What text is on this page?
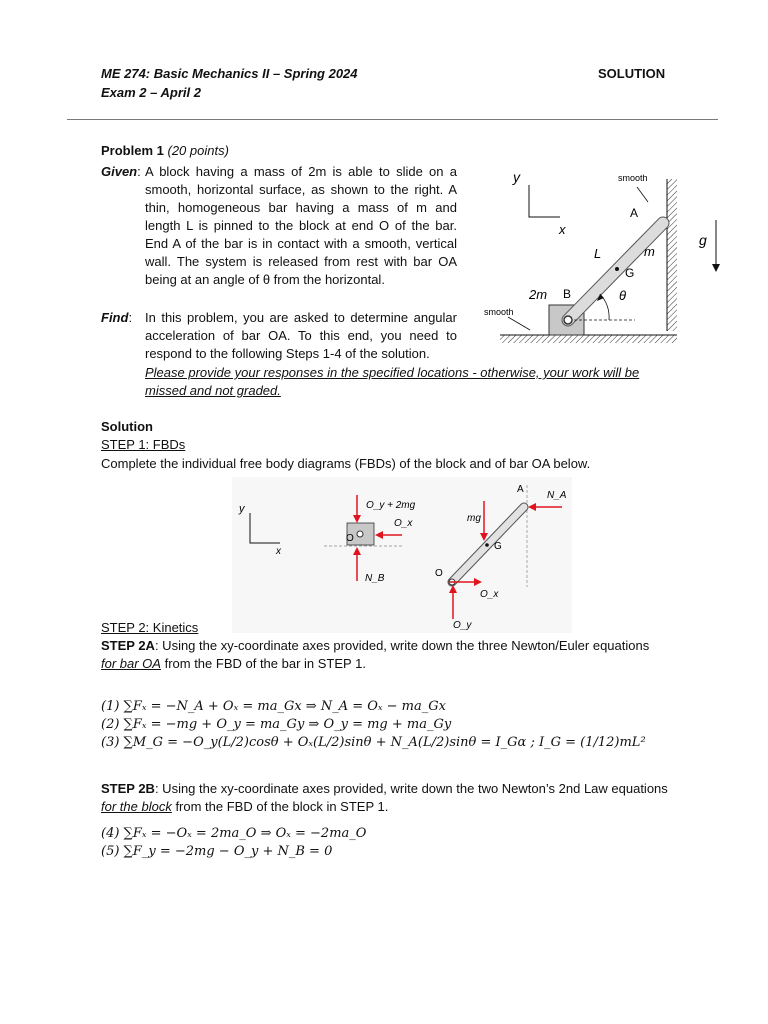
ME 274: Basic Mechanics II – Spring 2024
Exam 2 – April 2
SOLUTION
Problem 1 (20 points)
Given: A block having a mass of 2m is able to slide on a smooth, horizontal surface, as shown to the right. A thin, homogeneous bar having a mass of m and length L is pinned to the block at end O of the bar. End A of the bar is in contact with a smooth, vertical wall. The system is released from rest with bar OA being at an angle of θ from the horizontal.
Find: In this problem, you are asked to determine angular acceleration of bar OA. To this end, you need to respond to the following Steps 1-4 of the solution.
Please provide your responses in the specified locations - otherwise, your work will be missed and not graded.
y
x
smooth
smooth
A
L	m
G
2m B	θ
g
Solution
STEP 1: FBDs
Complete the individual free body diagrams (FBDs) of the block and of bar OA below.
y
x
O
O_y + 2mg
O_x
N_B
A
N_A
mg
G
O
O_x
O_y
STEP 2: Kinetics
STEP 2A: Using the xy-coordinate axes provided, write down the three Newton/Euler equations
for bar OA from the FBD of the bar in STEP 1.
(1) ∑Fₓ = −N_A + Oₓ = ma_Gx ⇒ N_A = Oₓ − ma_Gx
(2) ∑Fₓ = −mg + O_y = ma_Gy ⇒ O_y = mg + ma_Gy
(3) ∑M_G = −O_y(L/2)cosθ + Oₓ(L/2)sinθ + N_A(L/2)sinθ = I_Gα ; I_G = (1/12)mL²
STEP 2B: Using the xy-coordinate axes provided, write down the two Newton’s 2nd Law equations
for the block from the FBD of the block in STEP 1.
(4) ∑Fₓ = −Oₓ = 2ma_O ⇒ Oₓ = −2ma_O
(5) ∑F_y = −2mg − O_y + N_B = 0
